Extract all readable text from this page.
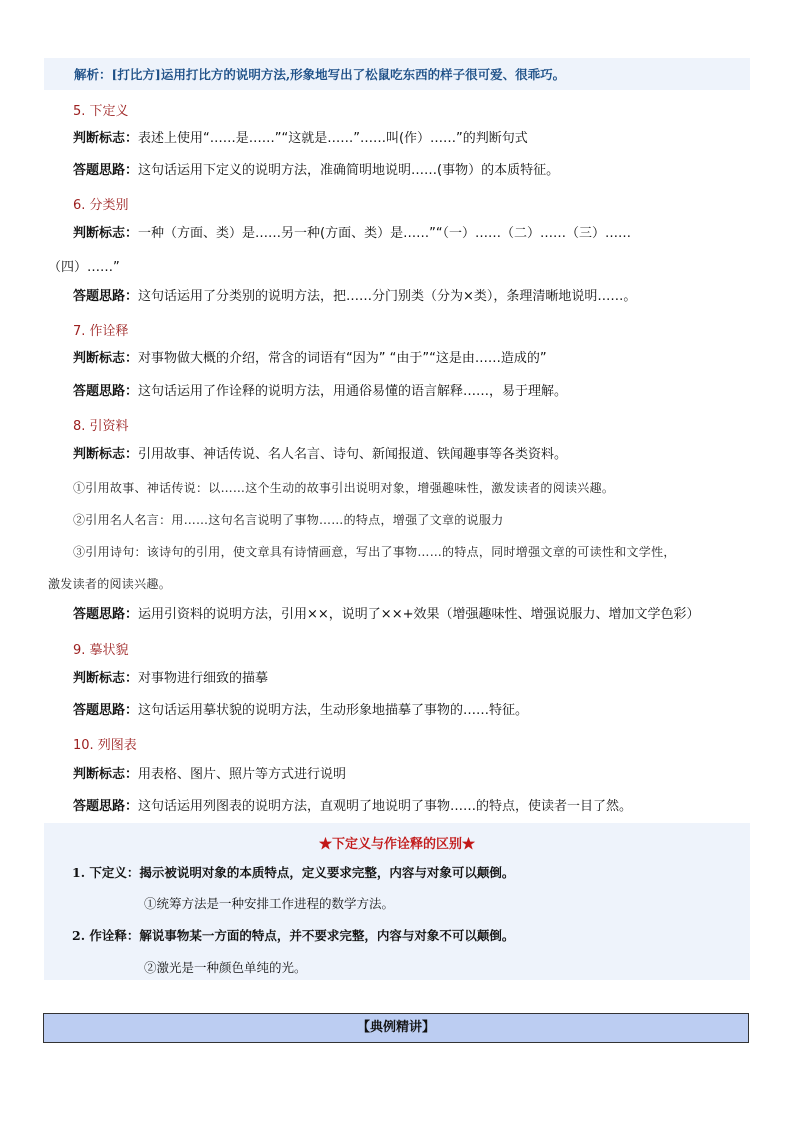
解析：[打比方]运用打比方的说明方法,形象地写出了松鼠吃东西的样子很可爱、很乖巧。
5. 下定义
判断标志：表述上使用“……是……”“这就是……”……叫(作）……”的判断句式
答题思路：这句话运用下定义的说明方法，准确简明地说明……(事物）的本质特征。
6. 分类别
判断标志：一种（方面、类）是……另一种(方面、类）是……”“（一）……（二）……（三）……
（四）……”
答题思路：这句话运用了分类别的说明方法，把……分门别类（分为×类），条理清晰地说明……。
7. 作诠释
判断标志：对事物做大概的介绍，常含的词语有“因为” “由于”“这是由……造成的”
答题思路：这句话运用了作诠释的说明方法，用通俗易懂的语言解释……，易于理解。
8. 引资料
判断标志：引用故事、神话传说、名人名言、诗句、新闻报道、铁闻趣事等各类资料。
①引用故事、神话传说：以……这个生动的故事引出说明对象，增强趣味性，激发读者的阅读兴趣。
②引用名人名言：用……这句名言说明了事物……的特点，增强了文章的说服力
③引用诗句：该诗句的引用，使文章具有诗情画意，写出了事物……的特点，同时增强文章的可读性和文学性，
激发读者的阅读兴趣。
答题思路：运用引资料的说明方法，引用××，说明了××+效果（增强趣味性、增强说服力、增加文学色彩）
9. 摹状貌
判断标志：对事物进行细致的描摹
答题思路：这句话运用摹状貌的说明方法，生动形象地描摹了事物的……特征。
10. 列图表
判断标志：用表格、图片、照片等方式进行说明
答题思路：这句话运用列图表的说明方法，直观明了地说明了事物……的特点，使读者一目了然。
★下定义与作诠释的区别★
1. 下定义：揭示被说明对象的本质特点，定义要求完整，内容与对象可以颠倒。
①统筹方法是一种安排工作进程的数学方法。
2. 作诠释：解说事物某一方面的特点，并不要求完整，内容与对象不可以颠倒。
②激光是一种颜色单纯的光。
【典例精讲】
